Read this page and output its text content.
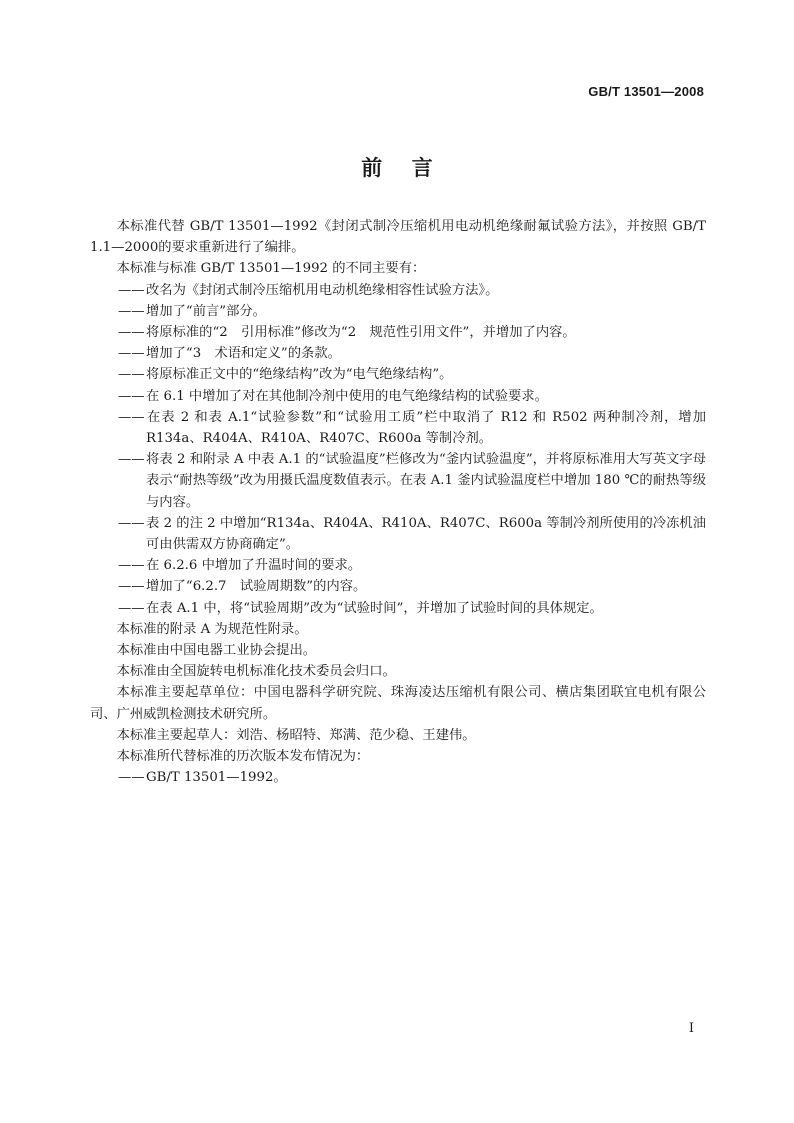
GB/T 13501—2008
前言

本标准代替 GB/T 13501—1992《封闭式制冷压缩机用电动机绝缘耐氟试验方法》，并按照 GB/T 1.1—2000的要求重新进行了编排。

本标准与标准 GB/T 13501—1992 的不同主要有：

——改名为《封闭式制冷压缩机用电动机绝缘相容性试验方法》。

——增加了“前言”部分。

——将原标准的“2　引用标准”修改为“2　规范性引用文件”，并增加了内容。

——增加了“3　术语和定义”的条款。

——将原标准正文中的“绝缘结构”改为“电气绝缘结构”。

——在 6.1 中增加了对在其他制冷剂中使用的电气绝缘结构的试验要求。

——在表 2 和表 A.1“试验参数”和“试验用工质”栏中取消了 R12 和 R502 两种制冷剂，增加 R134a、R404A、R410A、R407C、R600a 等制冷剂。

——将表 2 和附录 A 中表 A.1 的“试验温度”栏修改为“釜内试验温度”，并将原标准用大写英文字母表示“耐热等级”改为用摄氏温度数值表示。在表 A.1 釜内试验温度栏中增加 180 ℃的耐热等级与内容。

——表 2 的注 2 中增加“R134a、R404A、R410A、R407C、R600a 等制冷剂所使用的冷冻机油可由供需双方协商确定”。

——在 6.2.6 中增加了升温时间的要求。

——增加了“6.2.7　试验周期数”的内容。

——在表 A.1 中，将“试验周期”改为“试验时间”，并增加了试验时间的具体规定。

本标准的附录 A 为规范性附录。

本标准由中国电器工业协会提出。

本标准由全国旋转电机标准化技术委员会归口。

本标准主要起草单位：中国电器科学研究院、珠海凌达压缩机有限公司、横店集团联宜电机有限公司、广州威凯检测技术研究所。

本标准主要起草人：刘浩、杨昭特、郑满、范少稳、王建伟。

本标准所代替标准的历次版本发布情况为：

——GB/T 13501—1992。

I
